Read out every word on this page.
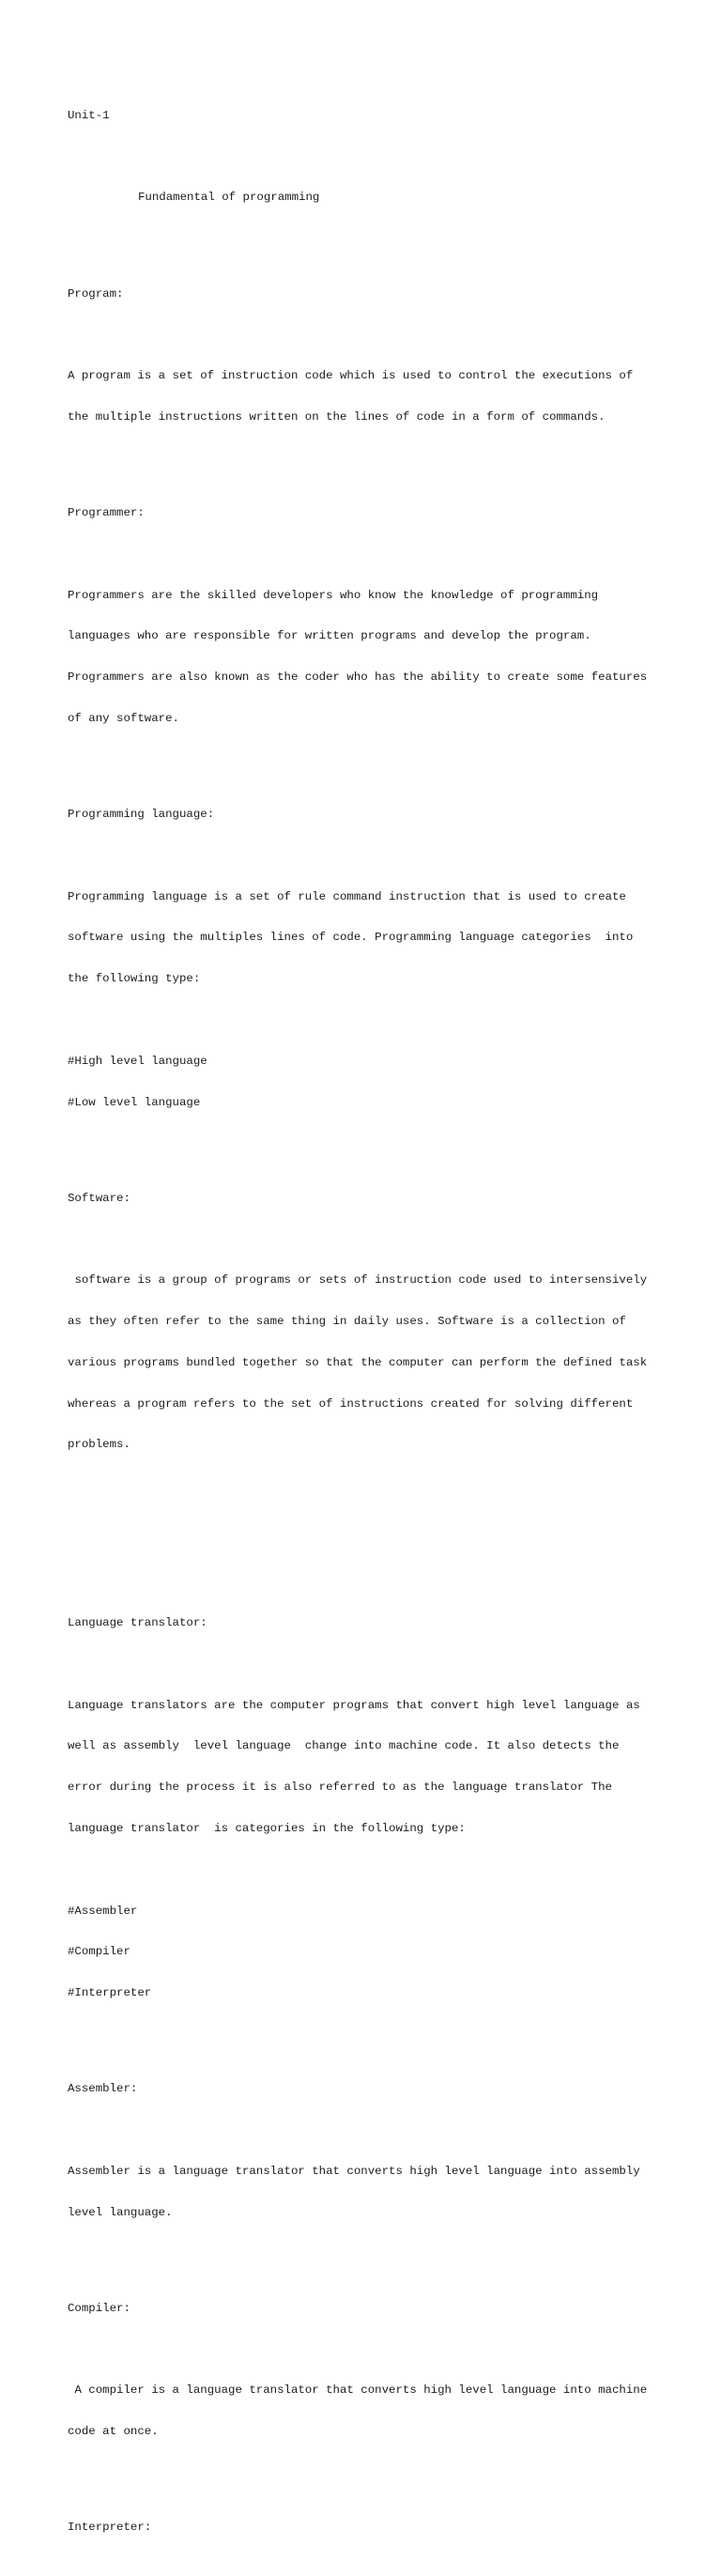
Unit-1

Fundamental of programming

Program:

A program is a set of instruction code which is used to control the executions of

the multiple instructions written on the lines of code in a form of commands.

Programmer:

Programmers are the skilled developers who know the knowledge of programming

languages who are responsible for written programs and develop the program.

Programmers are also known as the coder who has the ability to create some features

of any software.

Programming language:

Programming language is a set of rule command instruction that is used to create

software using the multiples lines of code. Programming language categories  into

the following type:

#High level language

#Low level language

Software:

software is a group of programs or sets of instruction code used to intersensively

as they often refer to the same thing in daily uses. Software is a collection of

various programs bundled together so that the computer can perform the defined task

whereas a program refers to the set of instructions created for solving different

problems.

Language translator:

Language translators are the computer programs that convert high level language as

well as assembly  level language  change into machine code. It also detects the

error during the process it is also referred to as the language translator The

language translator  is categories in the following type:

#Assembler

#Compiler

#Interpreter

Assembler:

Assembler is a language translator that converts high level language into assembly

level language.

Compiler:

A compiler is a language translator that converts high level language into machine

code at once.

Interpreter:
